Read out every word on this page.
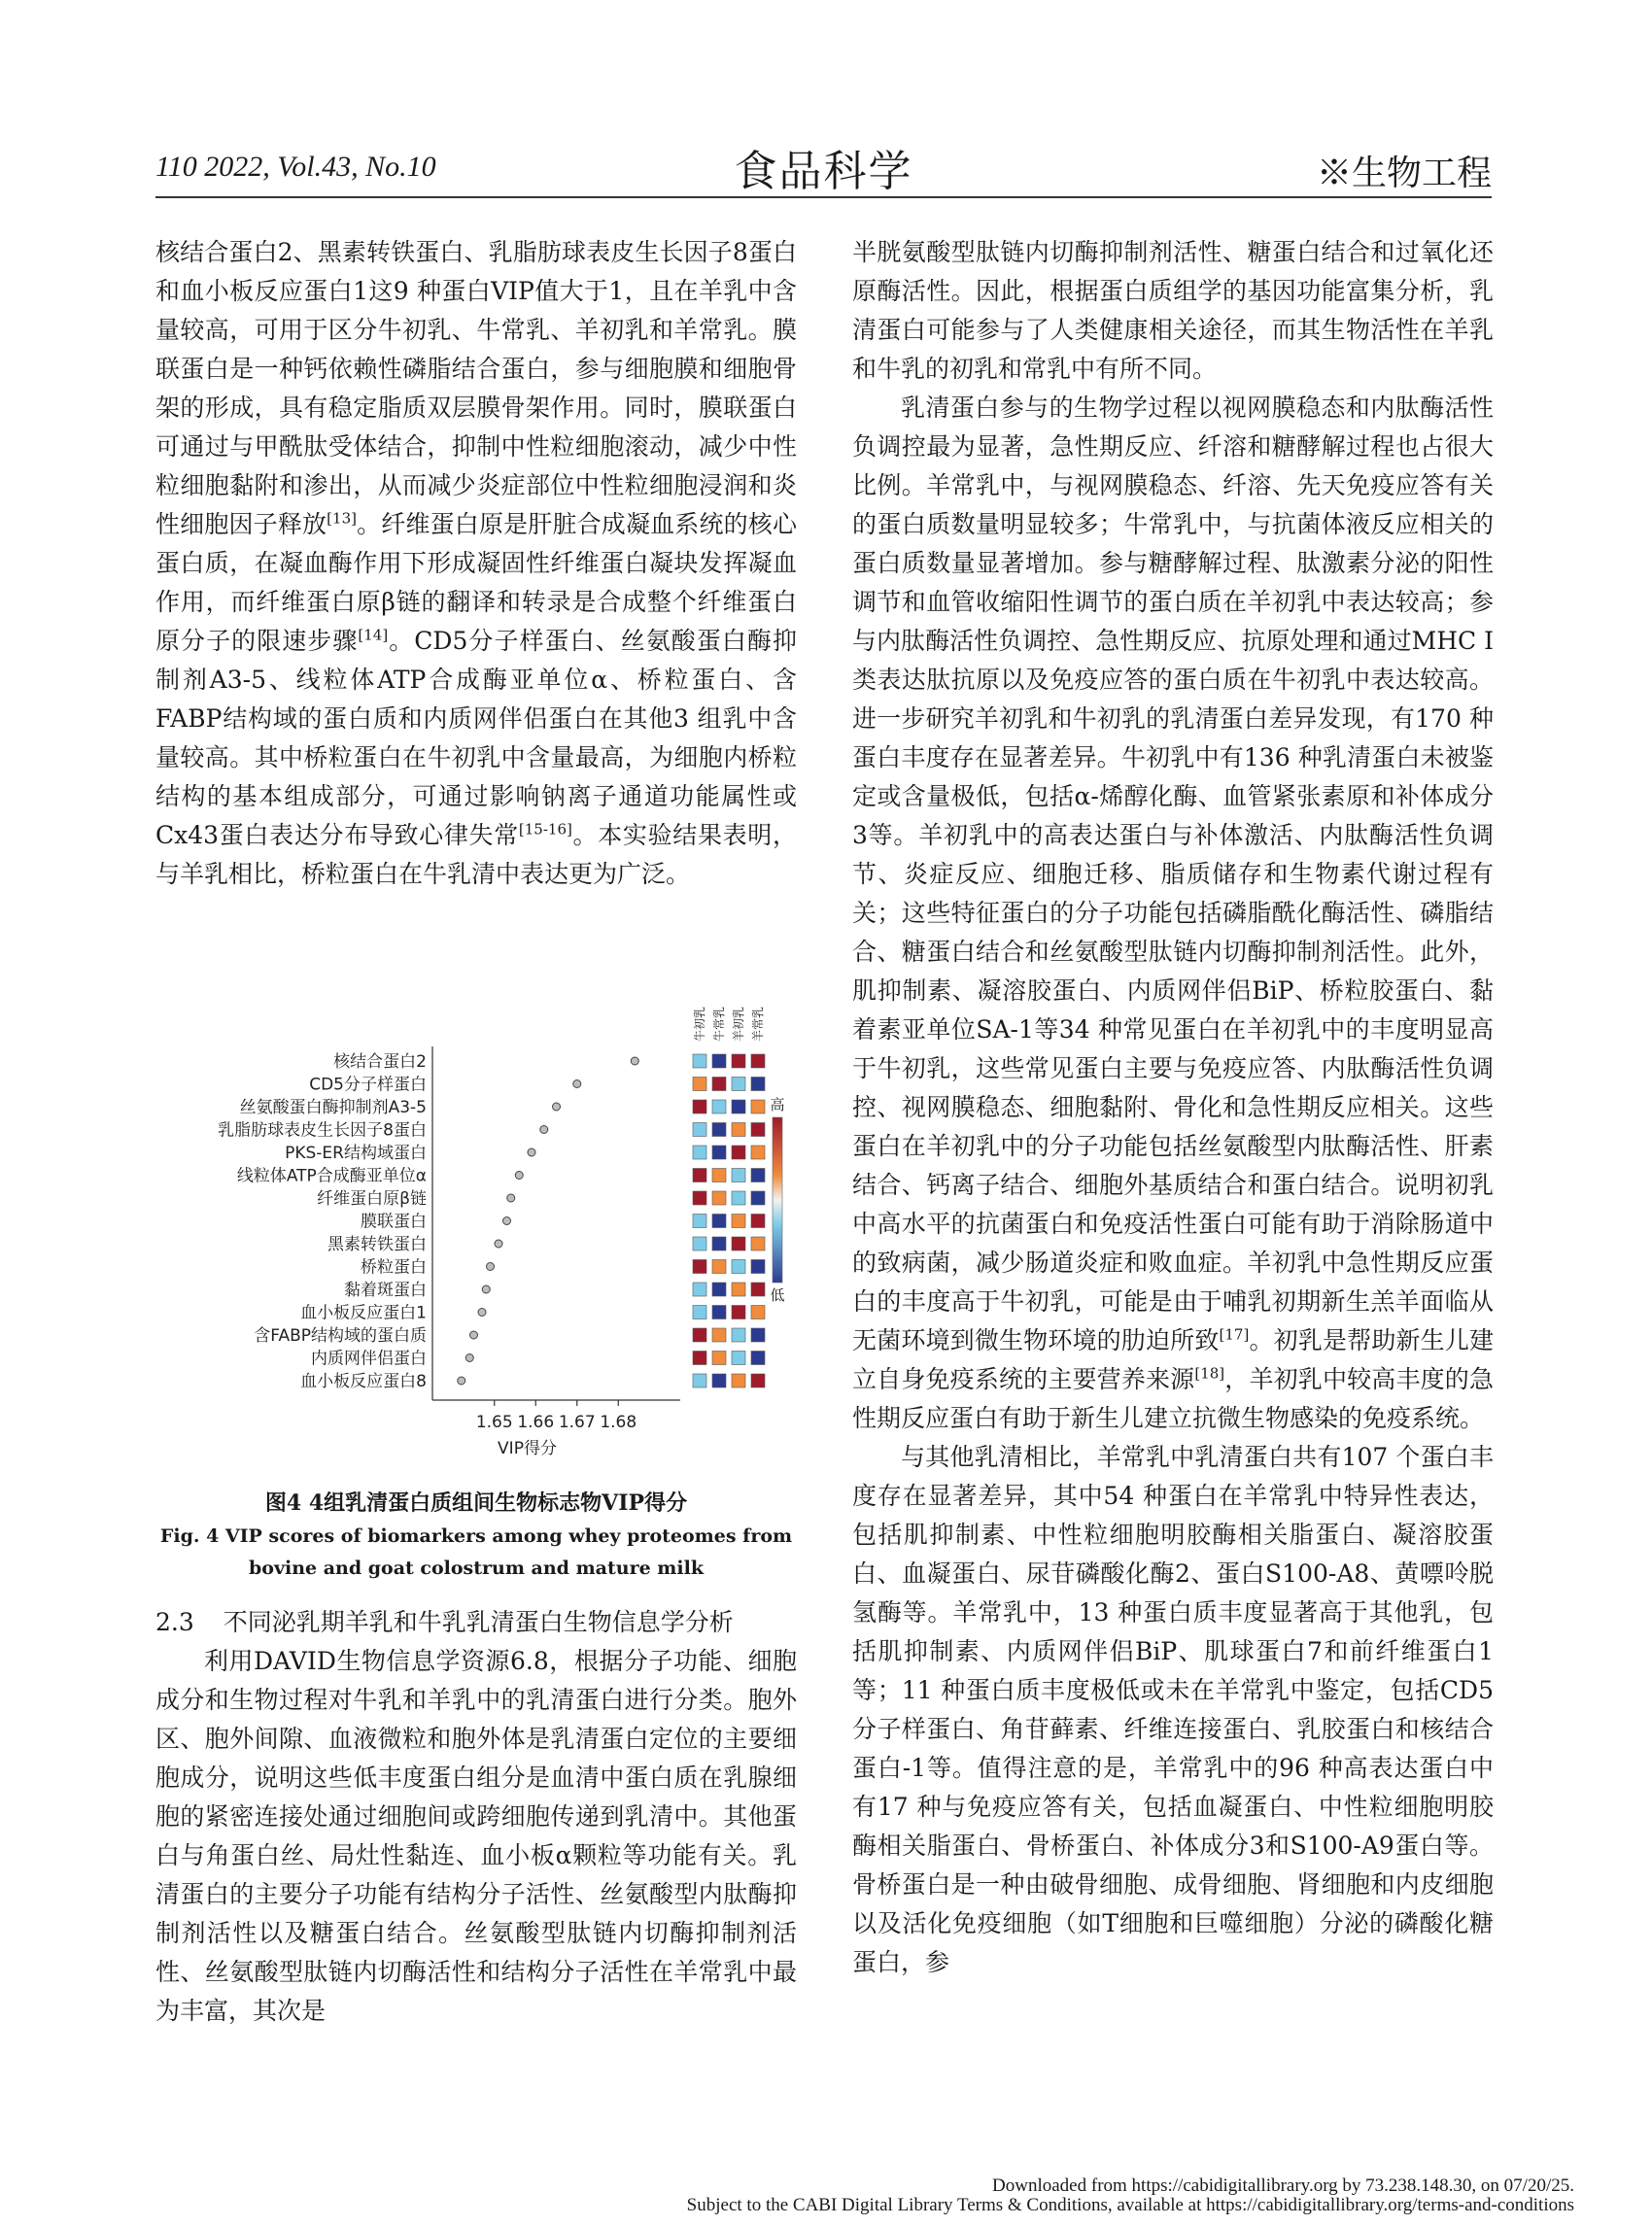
110 2022, Vol.43, No.10	食品科学	※生物工程

核结合蛋白2、黑素转铁蛋白、乳脂肪球表皮生长因子8蛋白和血小板反应蛋白1这9 种蛋白VIP值大于1，且在羊乳中含量较高，可用于区分牛初乳、牛常乳、羊初乳和羊常乳。膜联蛋白是一种钙依赖性磷脂结合蛋白，参与细胞膜和细胞骨架的形成，具有稳定脂质双层膜骨架作用。同时，膜联蛋白可通过与甲酰肽受体结合，抑制中性粒细胞滚动，减少中性粒细胞黏附和渗出，从而减少炎症部位中性粒细胞浸润和炎性细胞因子释放[13]。纤维蛋白原是肝脏合成凝血系统的核心蛋白质，在凝血酶作用下形成凝固性纤维蛋白凝块发挥凝血作用，而纤维蛋白原β链的翻译和转录是合成整个纤维蛋白原分子的限速步骤[14]。CD5分子样蛋白、丝氨酸蛋白酶抑制剂A3-5、线粒体ATP合成酶亚单位α、桥粒蛋白、含FABP结构域的蛋白质和内质网伴侣蛋白在其他3 组乳中含量较高。其中桥粒蛋白在牛初乳中含量最高，为细胞内桥粒结构的基本组成部分，可通过影响钠离子通道功能属性或Cx43蛋白表达分布导致心律失常[15-16]。本实验结果表明，与羊乳相比，桥粒蛋白在牛乳清中表达更为广泛。

1.65 1.66 1.67 1.68
VIP得分
牛初乳 牛常乳 羊初乳 羊常乳
高
低
核结合蛋白2
CD5分子样蛋白
丝氨酸蛋白酶抑制剂A3-5
乳脂肪球表皮生长因子8蛋白
PKS-ER结构域蛋白
线粒体ATP合成酶亚单位α
纤维蛋白原β链
膜联蛋白
黑素转铁蛋白
桥粒蛋白
黏着斑蛋白
血小板反应蛋白1
含FABP结构域的蛋白质
内质网伴侣蛋白
血小板反应蛋白8
图4 4组乳清蛋白质组间生物标志物VIP得分
Fig. 4 VIP scores of biomarkers among whey proteomes from
bovine and goat colostrum and mature milk

2.3 不同泌乳期羊乳和牛乳乳清蛋白生物信息学分析

利用DAVID生物信息学资源6.8，根据分子功能、细胞成分和生物过程对牛乳和羊乳中的乳清蛋白进行分类。胞外区、胞外间隙、血液微粒和胞外体是乳清蛋白定位的主要细胞成分，说明这些低丰度蛋白组分是血清中蛋白质在乳腺细胞的紧密连接处通过细胞间或跨细胞传递到乳清中。其他蛋白与角蛋白丝、局灶性黏连、血小板α颗粒等功能有关。乳清蛋白的主要分子功能有结构分子活性、丝氨酸型内肽酶抑制剂活性以及糖蛋白结合。丝氨酸型肽链内切酶抑制剂活性、丝氨酸型肽链内切酶活性和结构分子活性在羊常乳中最为丰富，其次是

半胱氨酸型肽链内切酶抑制剂活性、糖蛋白结合和过氧化还原酶活性。因此，根据蛋白质组学的基因功能富集分析，乳清蛋白可能参与了人类健康相关途径，而其生物活性在羊乳和牛乳的初乳和常乳中有所不同。

乳清蛋白参与的生物学过程以视网膜稳态和内肽酶活性负调控最为显著，急性期反应、纤溶和糖酵解过程也占很大比例。羊常乳中，与视网膜稳态、纤溶、先天免疫应答有关的蛋白质数量明显较多；牛常乳中，与抗菌体液反应相关的蛋白质数量显著增加。参与糖酵解过程、肽激素分泌的阳性调节和血管收缩阳性调节的蛋白质在羊初乳中表达较高；参与内肽酶活性负调控、急性期反应、抗原处理和通过MHC I类表达肽抗原以及免疫应答的蛋白质在牛初乳中表达较高。进一步研究羊初乳和牛初乳的乳清蛋白差异发现，有170 种蛋白丰度存在显著差异。牛初乳中有136 种乳清蛋白未被鉴定或含量极低，包括α-烯醇化酶、血管紧张素原和补体成分3等。羊初乳中的高表达蛋白与补体激活、内肽酶活性负调节、炎症反应、细胞迁移、脂质储存和生物素代谢过程有关；这些特征蛋白的分子功能包括磷脂酰化酶活性、磷脂结合、糖蛋白结合和丝氨酸型肽链内切酶抑制剂活性。此外，肌抑制素、凝溶胶蛋白、内质网伴侣BiP、桥粒胶蛋白、黏着素亚单位SA-1等34 种常见蛋白在羊初乳中的丰度明显高于牛初乳，这些常见蛋白主要与免疫应答、内肽酶活性负调控、视网膜稳态、细胞黏附、骨化和急性期反应相关。这些蛋白在羊初乳中的分子功能包括丝氨酸型内肽酶活性、肝素结合、钙离子结合、细胞外基质结合和蛋白结合。说明初乳中高水平的抗菌蛋白和免疫活性蛋白可能有助于消除肠道中的致病菌，减少肠道炎症和败血症。羊初乳中急性期反应蛋白的丰度高于牛初乳，可能是由于哺乳初期新生羔羊面临从无菌环境到微生物环境的肋迫所致[17]。初乳是帮助新生儿建立自身免疫系统的主要营养来源[18]，羊初乳中较高丰度的急性期反应蛋白有助于新生儿建立抗微生物感染的免疫系统。

与其他乳清相比，羊常乳中乳清蛋白共有107 个蛋白丰度存在显著差异，其中54 种蛋白在羊常乳中特异性表达，包括肌抑制素、中性粒细胞明胶酶相关脂蛋白、凝溶胶蛋白、血凝蛋白、尿苷磷酸化酶2、蛋白S100-A8、黄嘌呤脱氢酶等。羊常乳中，13 种蛋白质丰度显著高于其他乳，包括肌抑制素、内质网伴侣BiP、肌球蛋白7和前纤维蛋白1等；11 种蛋白质丰度极低或未在羊常乳中鉴定，包括CD5分子样蛋白、角苷藓素、纤维连接蛋白、乳胶蛋白和核结合蛋白-1等。值得注意的是，羊常乳中的96 种高表达蛋白中有17 种与免疫应答有关，包括血凝蛋白、中性粒细胞明胶酶相关脂蛋白、骨桥蛋白、补体成分3和S100-A9蛋白等。骨桥蛋白是一种由破骨细胞、成骨细胞、肾细胞和内皮细胞以及活化免疫细胞（如T细胞和巨噬细胞）分泌的磷酸化糖蛋白，参

Downloaded from https://cabidigitallibrary.org by 73.238.148.30, on 07/20/25.
Subject to the CABI Digital Library Terms & Conditions, available at https://cabidigitallibrary.org/terms-and-conditions
